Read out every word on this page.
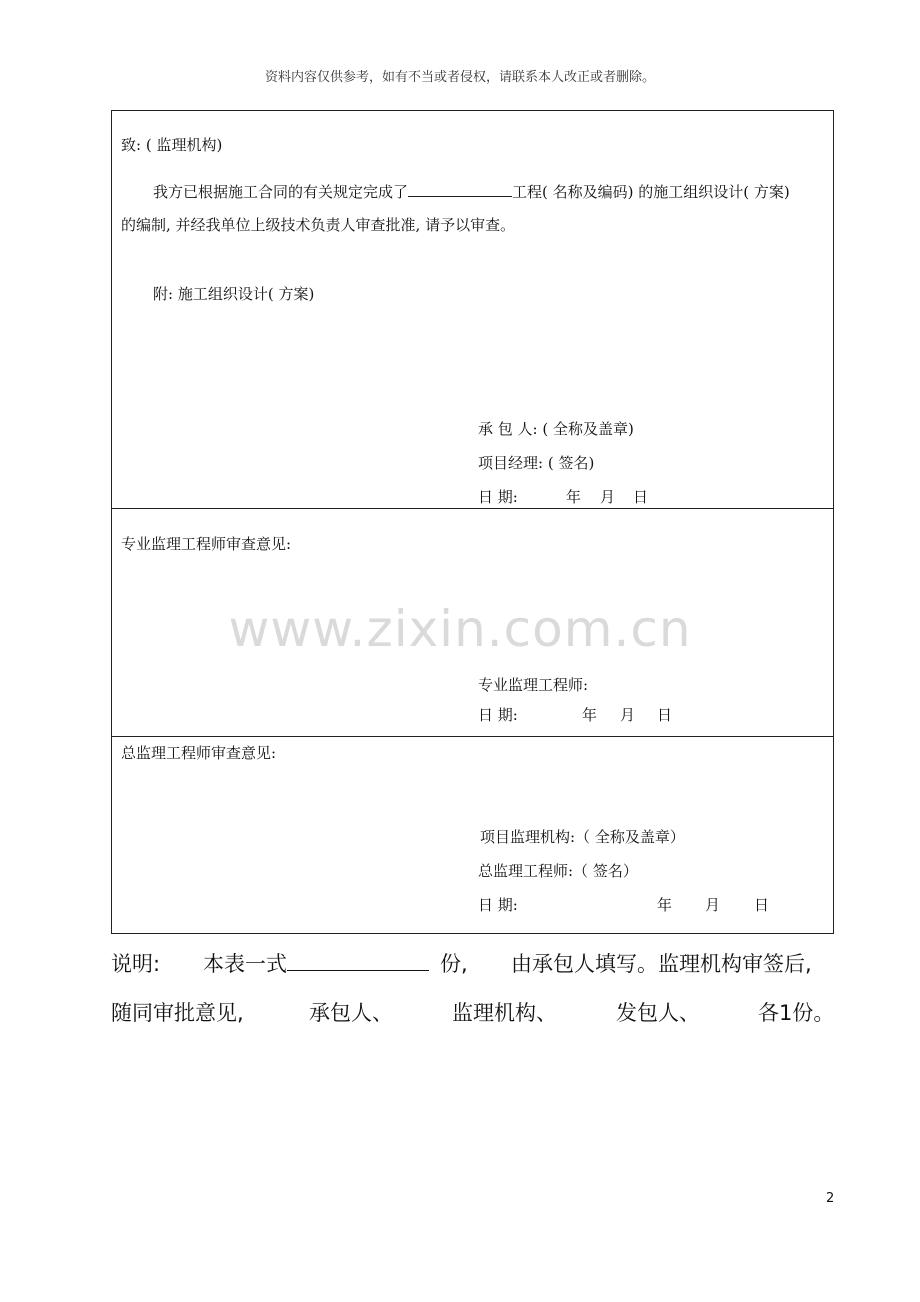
资料内容仅供参考，如有不当或者侵权，请联系本人改正或者删除。
致: ( 监理机构)
我方已根据施工合同的有关规定完成了	工程( 名称及编码) 的施工组织设计( 方案)
的编制, 并经我单位上级技术负责人审查批准, 请予以审查。
附: 施工组织设计( 方案)
承 包 人: ( 全称及盖章)
项目经理: ( 签名)
日 期:	年 月 日
专业监理工程师审查意见:
专业监理工程师:
日 期:	年 月 日
总监理工程师审查意见:
项目监理机构:（ 全称及盖章）
总监理工程师:（ 签名）
日 期:	年 月 日
www.zixin.com.cn
说明: 本表一式	份, 由承包人填写。监理机构审签后,
随同审批意见,	承包人、	监理机构、	发包人、	各1份。
2
